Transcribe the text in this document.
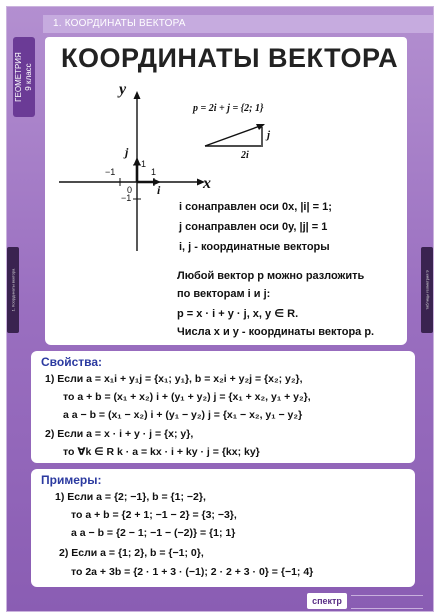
1. КООРДИНАТЫ ВЕКТОРА
ГЕОМЕТРИЯ 9 класс
1. Координаты вектора	таблицы геометрия 9
КООРДИНАТЫ ВЕКТОРА
y
x
−1	1
0
1
−1
i
j
p = 2i + j = {2; 1}
j
2i
i сонаправлен оси 0x, |i| = 1;
j сонаправлен оси 0y, |j| = 1
i, j - координатные векторы
Любой вектор p можно разложить
по векторам i и j:
p = x · i + y · j, x, y ∈ R.
Числа x и y - координаты вектора p.
Свойства:
1) Если a = x₁i + y₁j = {x₁; y₁}, b = x₂i + y₂j = {x₂; y₂},
то a + b = (x₁ + x₂) i + (y₁ + y₂) j = {x₁ + x₂, y₁ + y₂},
a a − b = (x₁ − x₂) i + (y₁ − y₂) j = {x₁ − x₂, y₁ − y₂}
2) Если a = x · i + y · j = {x; y},
то ∀k ∈ R k · a = kx · i + ky · j = {kx; ky}
Примеры:
1) Если a = {2; −1}, b = {1; −2},
то a + b = {2 + 1; −1 − 2} = {3; −3},
а a − b = {2 − 1; −1 − (−2)} = {1; 1}
2) Если a = {1; 2}, b = {−1; 0},
то 2a + 3b = {2 · 1 + 3 · (−1); 2 · 2 + 3 · 0} = {−1; 4}
спектр
